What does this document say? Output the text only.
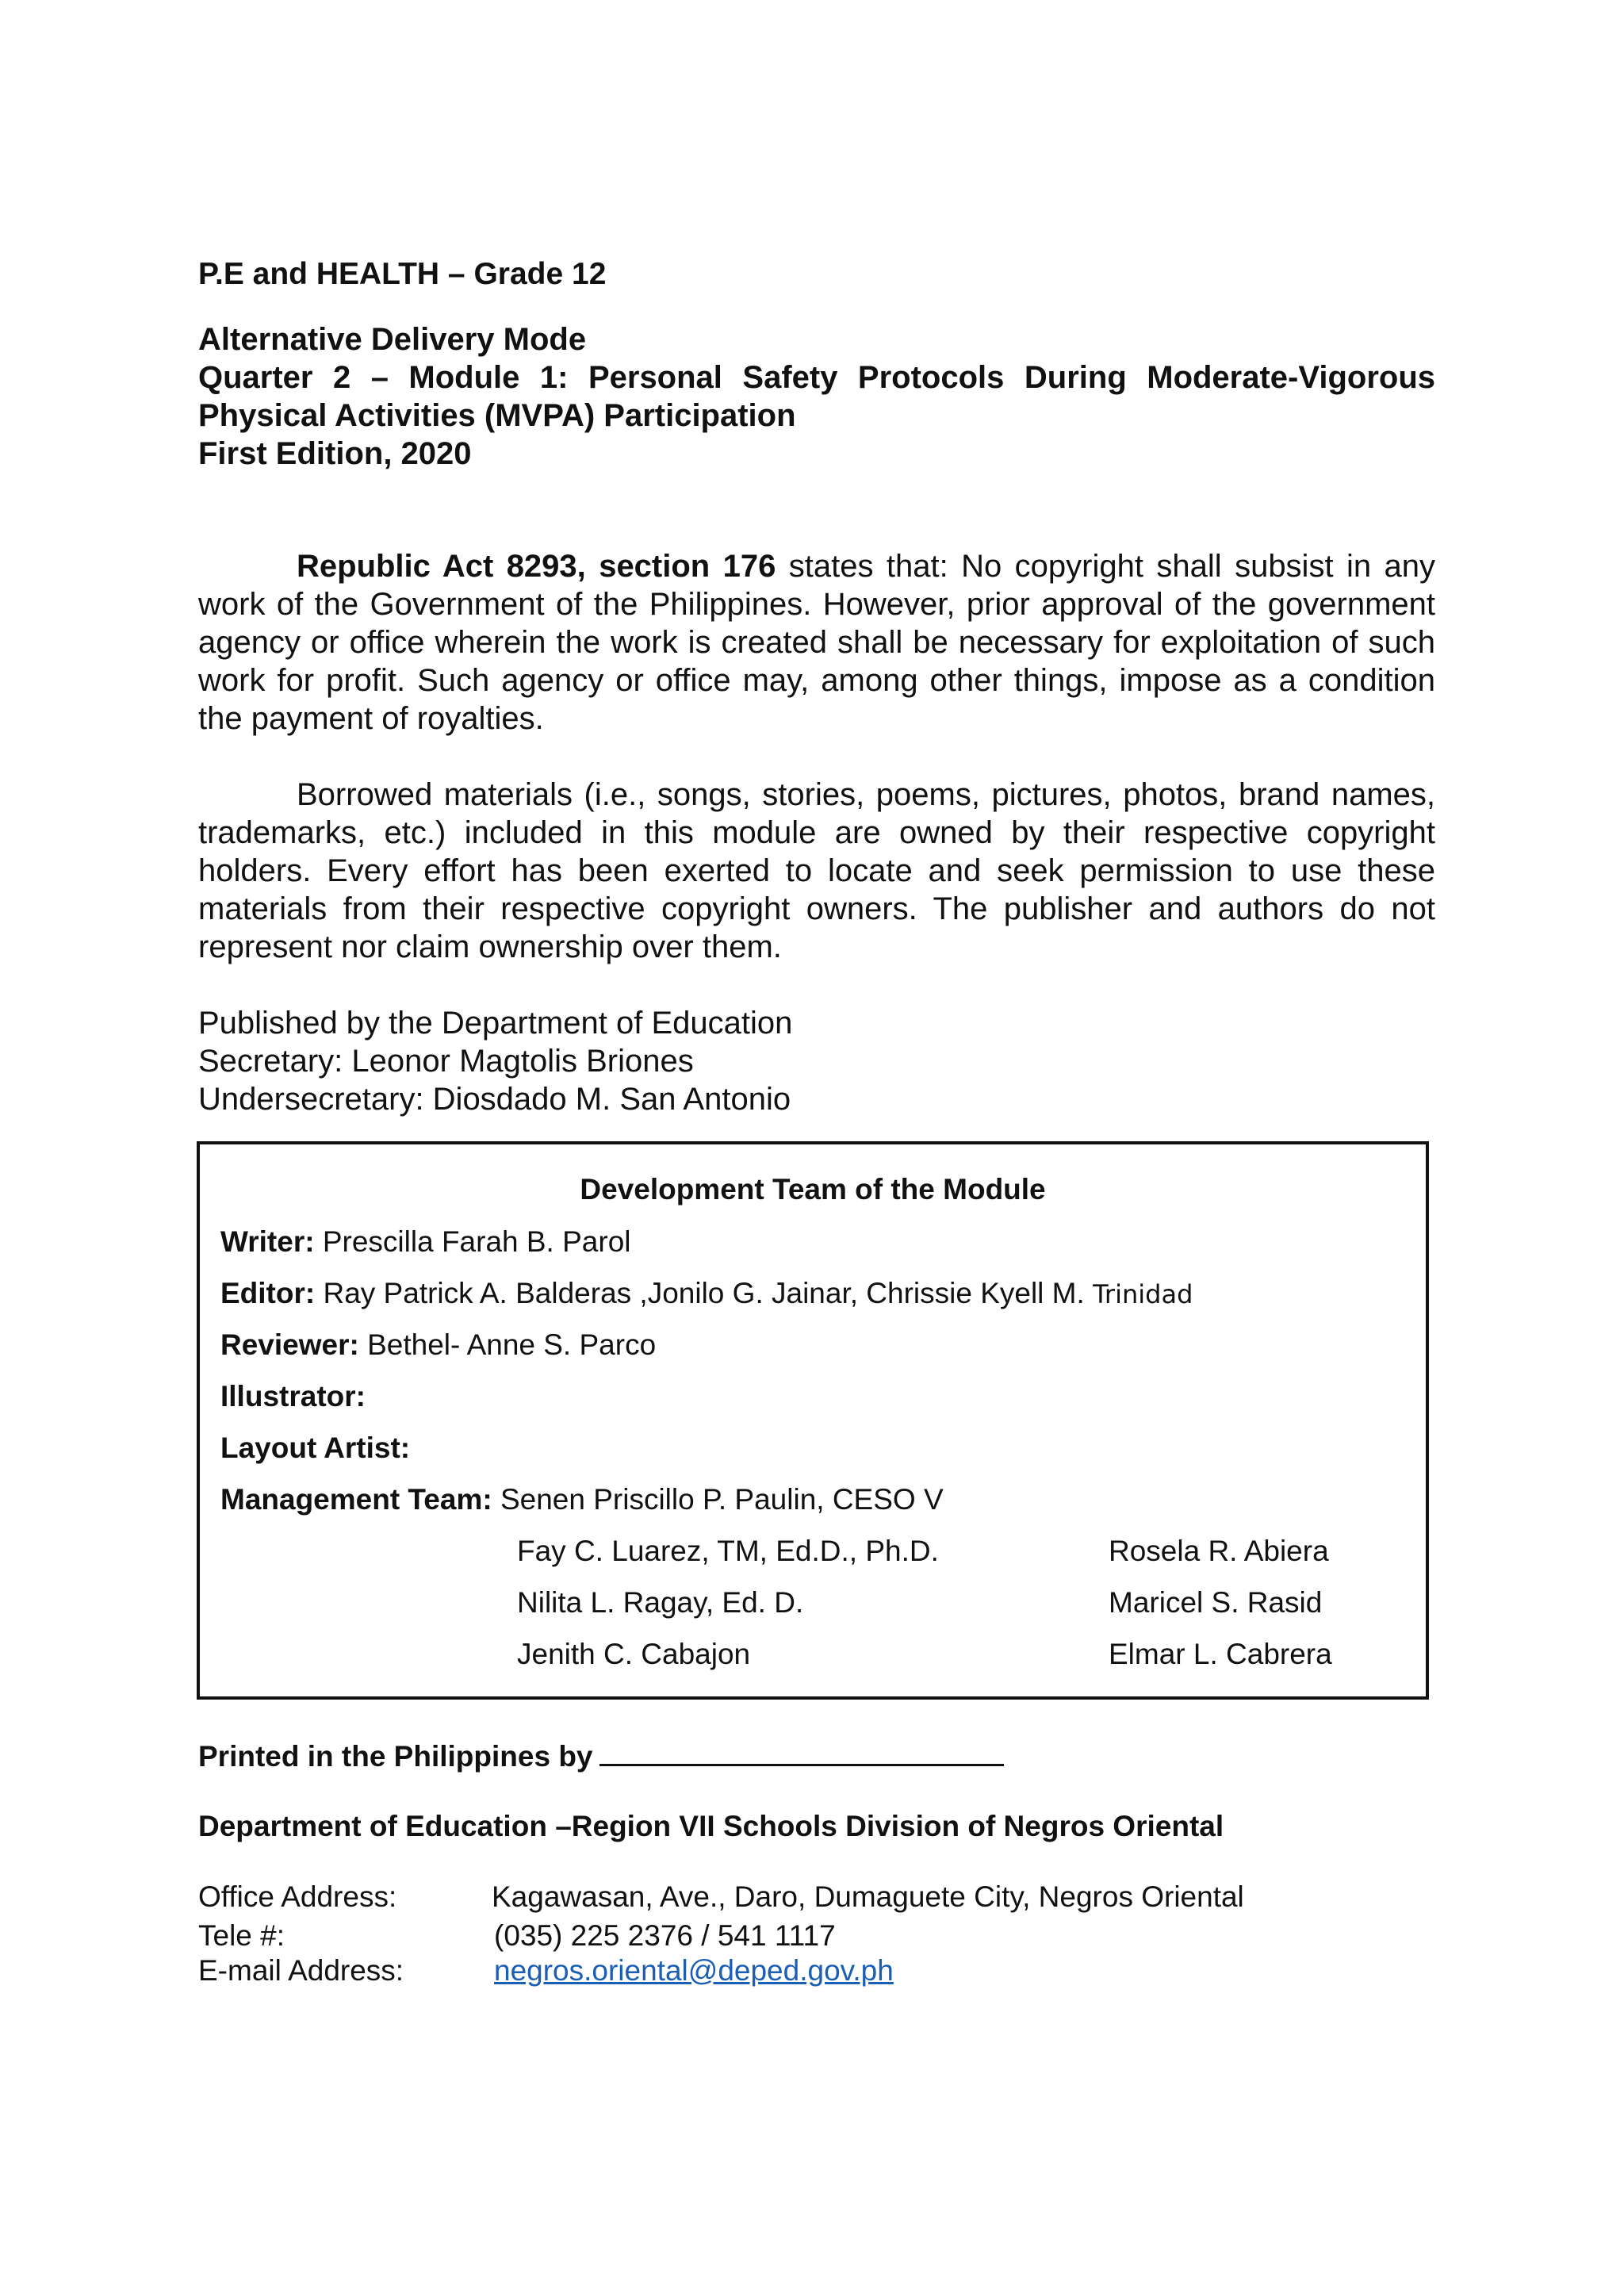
P.E and HEALTH – Grade 12
Alternative Delivery Mode
Quarter 2 – Module 1: Personal Safety Protocols During Moderate-Vigorous Physical Activities (MVPA) Participation
First Edition, 2020
Republic Act 8293, section 176 states that: No copyright shall subsist in any work of the Government of the Philippines. However, prior approval of the government agency or office wherein the work is created shall be necessary for exploitation of such work for profit. Such agency or office may, among other things, impose as a condition the payment of royalties.
Borrowed materials (i.e., songs, stories, poems, pictures, photos, brand names, trademarks, etc.) included in this module are owned by their respective copyright holders. Every effort has been exerted to locate and seek permission to use these materials from their respective copyright owners. The publisher and authors do not represent nor claim ownership over them.
Published by the Department of Education
Secretary: Leonor Magtolis Briones
Undersecretary: Diosdado M. San Antonio
Development Team of the Module
Writer: Prescilla Farah B. Parol
Editor: Ray Patrick A. Balderas ,Jonilo G. Jainar, Chrissie Kyell M. Trinidad
Reviewer: Bethel- Anne S. Parco
Illustrator:
Layout Artist:
Management Team: Senen Priscillo P. Paulin, CESO V
Fay C. Luarez, TM, Ed.D., Ph.D.	Rosela R. Abiera
Nilita L. Ragay, Ed. D.	Maricel S. Rasid
Jenith C. Cabajon	Elmar L. Cabrera
Printed in the Philippines by
Department of Education –Region VII Schools Division of Negros Oriental
Office Address:	Kagawasan, Ave., Daro, Dumaguete City, Negros Oriental
Tele #:	(035) 225 2376 / 541 1117
E-mail Address:	negros.oriental@deped.gov.ph
